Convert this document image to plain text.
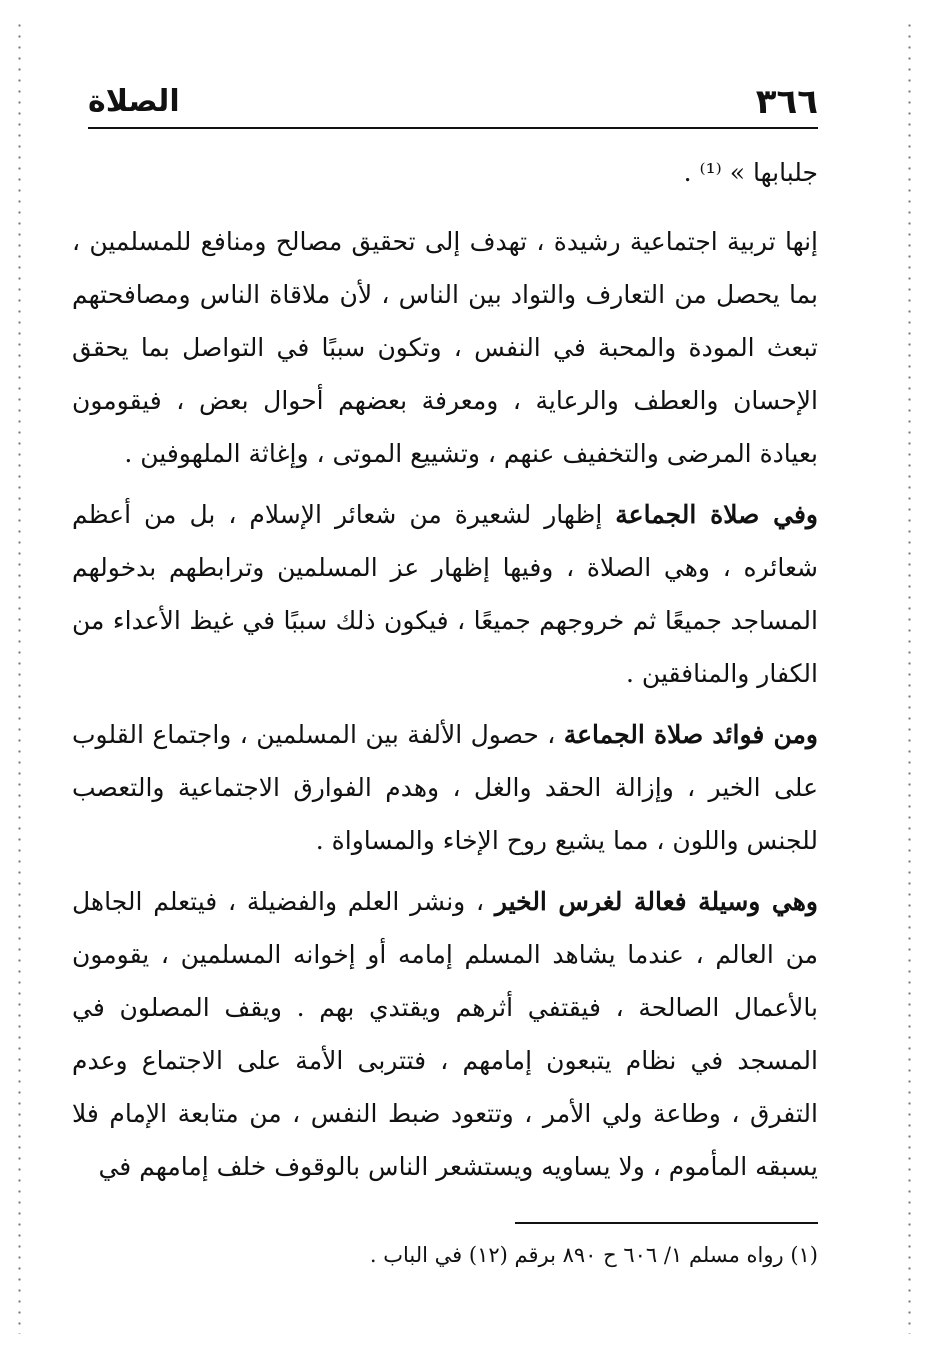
٣٦٦
الصلاة

جلبابها » ⁽¹⁾ .

إنها تربية اجتماعية رشيدة ، تهدف إلى تحقيق مصالح ومنافع للمسلمين ، بما يحصل من التعارف والتواد بين الناس ، لأن ملاقاة الناس ومصافحتهم تبعث المودة والمحبة في النفس ، وتكون سببًا في التواصل بما يحقق الإحسان والعطف والرعاية ، ومعرفة بعضهم أحوال بعض ، فيقومون بعيادة المرضى والتخفيف عنهم ، وتشييع الموتى ، وإغاثة الملهوفين .

وفي صلاة الجماعة إظهار لشعيرة من شعائر الإسلام ، بل من أعظم شعائره ، وهي الصلاة ، وفيها إظهار عز المسلمين وترابطهم بدخولهم المساجد جميعًا ثم خروجهم جميعًا ، فيكون ذلك سببًا في غيظ الأعداء من الكفار والمنافقين .

ومن فوائد صلاة الجماعة ، حصول الألفة بين المسلمين ، واجتماع القلوب على الخير ، وإزالة الحقد والغل ، وهدم الفوارق الاجتماعية والتعصب للجنس واللون ، مما يشيع روح الإخاء والمساواة .

وهي وسيلة فعالة لغرس الخير ، ونشر العلم والفضيلة ، فيتعلم الجاهل من العالم ، عندما يشاهد المسلم إمامه أو إخوانه المسلمين ، يقومون بالأعمال الصالحة ، فيقتفي أثرهم ويقتدي بهم . ويقف المصلون في المسجد في نظام يتبعون إمامهم ، فتتربى الأمة على الاجتماع وعدم التفرق ، وطاعة ولي الأمر ، وتتعود ضبط النفس ، من متابعة الإمام فلا يسبقه المأموم ، ولا يساويه ويستشعر الناس بالوقوف خلف إمامهم في

(١) رواه مسلم ١/ ٦٠٦ ح ٨٩٠ برقم (١٢) في الباب .
